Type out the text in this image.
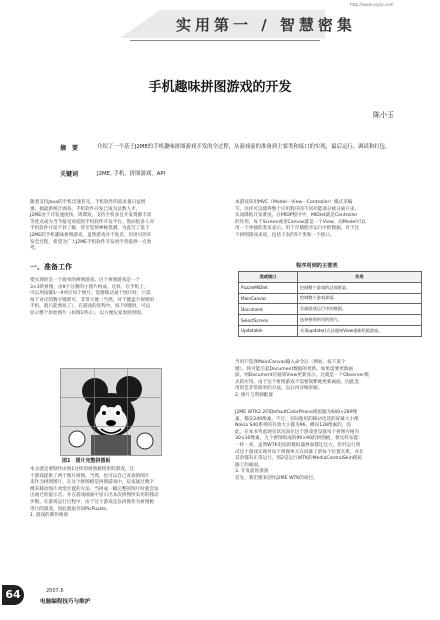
http://www.cqvip.com
实用第一 / 智慧密集
手机趣味拼图游戏的开发
陈小玉
摘　要	介绍了一个基于J2ME的手机趣味拼图游戏开发的全过程，从游戏前的准备到主要类和接口的实现，最后运行、调试和打包。
关键词	J2ME, 手机，拼图游戏，API
随着支持Java的手机迅速普及，手机软件的需求量日益增
强，据最新统计调查，手机软件开发已成为总数人才。
J2ME由于开发速度快、周期短，支持手机多且开发资源丰富
等优点成为当今最受欢迎的手机软件开发平台。然而很多人对
手机软件开发不甚了解，甚至觉得神秘莫测。为此写了基于
J2ME的手机趣味拼图游戏，虽然游戏并不复杂，但讲尽的开
发全过程，希望为广大J2ME手机软件开发初学者提供一点参
考。
一、准备工作
要实现的是一个简单的拼图游戏。这个拼图游戏是一个
3×3的拼图，由9个分割的小图片构成。这样，在手机上，
可以用按键1～9对应每个图片，需要移动某个图片时，只需
按下对应的数字键即可，非常方便（当然，对于键盘不规则的
手机，就只能委屈了）。在游戏的进程中，按下0键时，可以
显示整个原始图片（如图1所示），以方便玩家参照原图。
图1　图片完整拼图板
本文就是要制作由图1这样的拼图板组形的游戏。这
个游戏提供了两个图片拼图，当然，也可以自己喜欢的图片
来作为拼图图片。在这个拼图板是拼图游戏中，玩家通过数字
键来移动图片改变位置的方法，当拼成一幅完整的图片时就会发
出通过的提示音。并在游戏画面中显示出本次拼图所采用的移动
步数。在游戏运行过程中，由于这个游戏是以拼图作为拼图板
进行的游戏，因此就取名叫PicPuzzle。
1. 游戏的制作规划
本游戏采用MVC（Model－View－Controller）模式来编
写。这样可以使得整个应用程序的不同功能部分被分离开来，
从而降低开发难度。在MIDP程序中，MIDlet就是Controller
的作用，每个Screen或者Canvas就是一个View，而Model可以
用一个单独的类来表示。用于存储程序运行中的数据。对于这
个拼图游戏来说，包括下表的5个类和一个接口。
程序用到的主要类
类或接口	作用
PuzzleMIDlet	控制整个游戏的总体框架。
MainCanvas	绘制整个游戏界面。
Document	存储游戏运行中的数据。
SelectScreen	选择拼图所用的图片。
Updatable	实现update()方法通知View重新绘画游戏。
当用户选择MainCanvas输入命令后（例如，按下某个
键），将可能引起Document数据的更新。如果需要更新画
面，则Document应通知View更新显示，这就是一个Observer模
式的应用。由于这个拼图游戏不需要频繁地更新画面，因此选
用的是非常简单的方法，以后再详细讲解。
2. 图片与资源配置
J2ME WTK2.2的DefaultColorPhone模拟器为640×289像
素，模向240像素。不过，实际使用的移动电话的屏幕大小像
Nokia S40系列的有效大小都为96、横向128像素的，因
此，在本书考虑现实状况而在这个游戏里设置每个拼图方格为
30×30像素，九个拼图组成的90×90的拼图板，要这样布置：
一样一来，虽然WTK里面的模拟器界面都还这大，但对运行到
试这个游戏实现对每个拼图单元在屏幕上的每个位置关系，并在
其余都有正常运行。图2是运行WTK的MediaControlSkin模拟
器上的画面。
3. 开发前的准备
首先，我们要来创作J2ME WTK的项目。
64	2007.6
电脑编程技巧与维护
